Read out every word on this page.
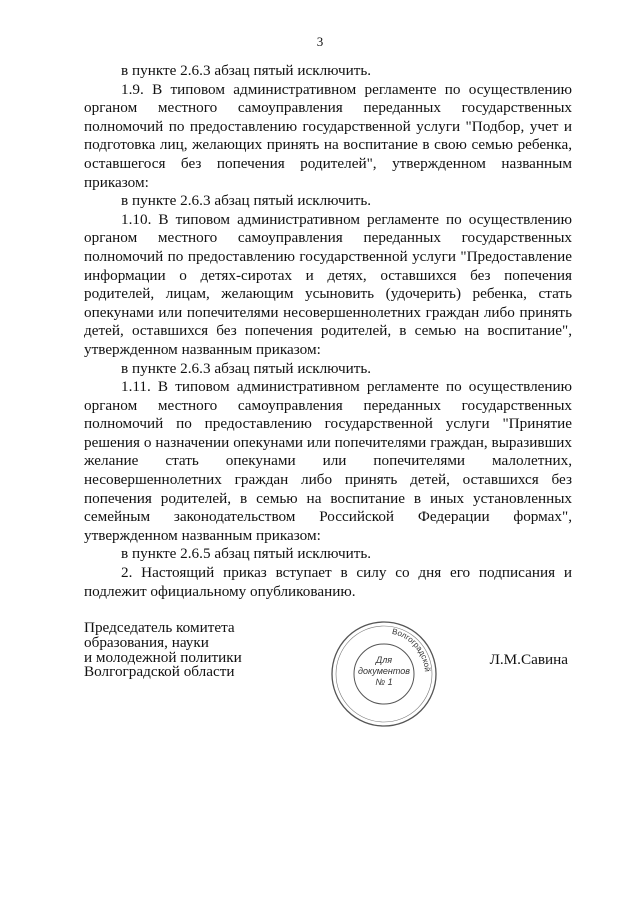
3

в пункте 2.6.3 абзац пятый исключить.

1.9. В типовом административном регламенте по осуществлению органом местного самоуправления переданных государственных полномочий по предоставлению государственной услуги "Подбор, учет и подготовка лиц, желающих принять на воспитание в свою семью ребенка, оставшегося без попечения родителей", утвержденном названным приказом:

в пункте 2.6.3 абзац пятый исключить.

1.10. В типовом административном регламенте по осуществлению органом местного самоуправления переданных государственных полномочий по предоставлению государственной услуги "Предоставление информации о детях-сиротах и детях, оставшихся без попечения родителей, лицам, желающим усыновить (удочерить) ребенка, стать опекунами или попечителями несовершеннолетних граждан либо принять детей, оставшихся без попечения родителей, в семью на воспитание", утвержденном названным приказом:

в пункте 2.6.3 абзац пятый исключить.

1.11. В типовом административном регламенте по осуществлению органом местного самоуправления переданных государственных полномочий по предоставлению государственной услуги "Принятие решения о назначении опекунами или попечителями граждан, выразивших желание стать опекунами или попечителями малолетних, несовершеннолетних граждан либо принять детей, оставшихся без попечения родителей, в семью на воспитание в иных установленных семейным законодательством Российской Федерации формах", утвержденном названным приказом:

в пункте 2.6.5 абзац пятый исключить.

2. Настоящий приказ вступает в силу со дня его подписания и подлежит официальному опубликованию.

Председатель комитета
образования, науки
и молодежной политики
Волгоградской области
Волгоградской
Для
документов
№ 1
Л.М.Савина
